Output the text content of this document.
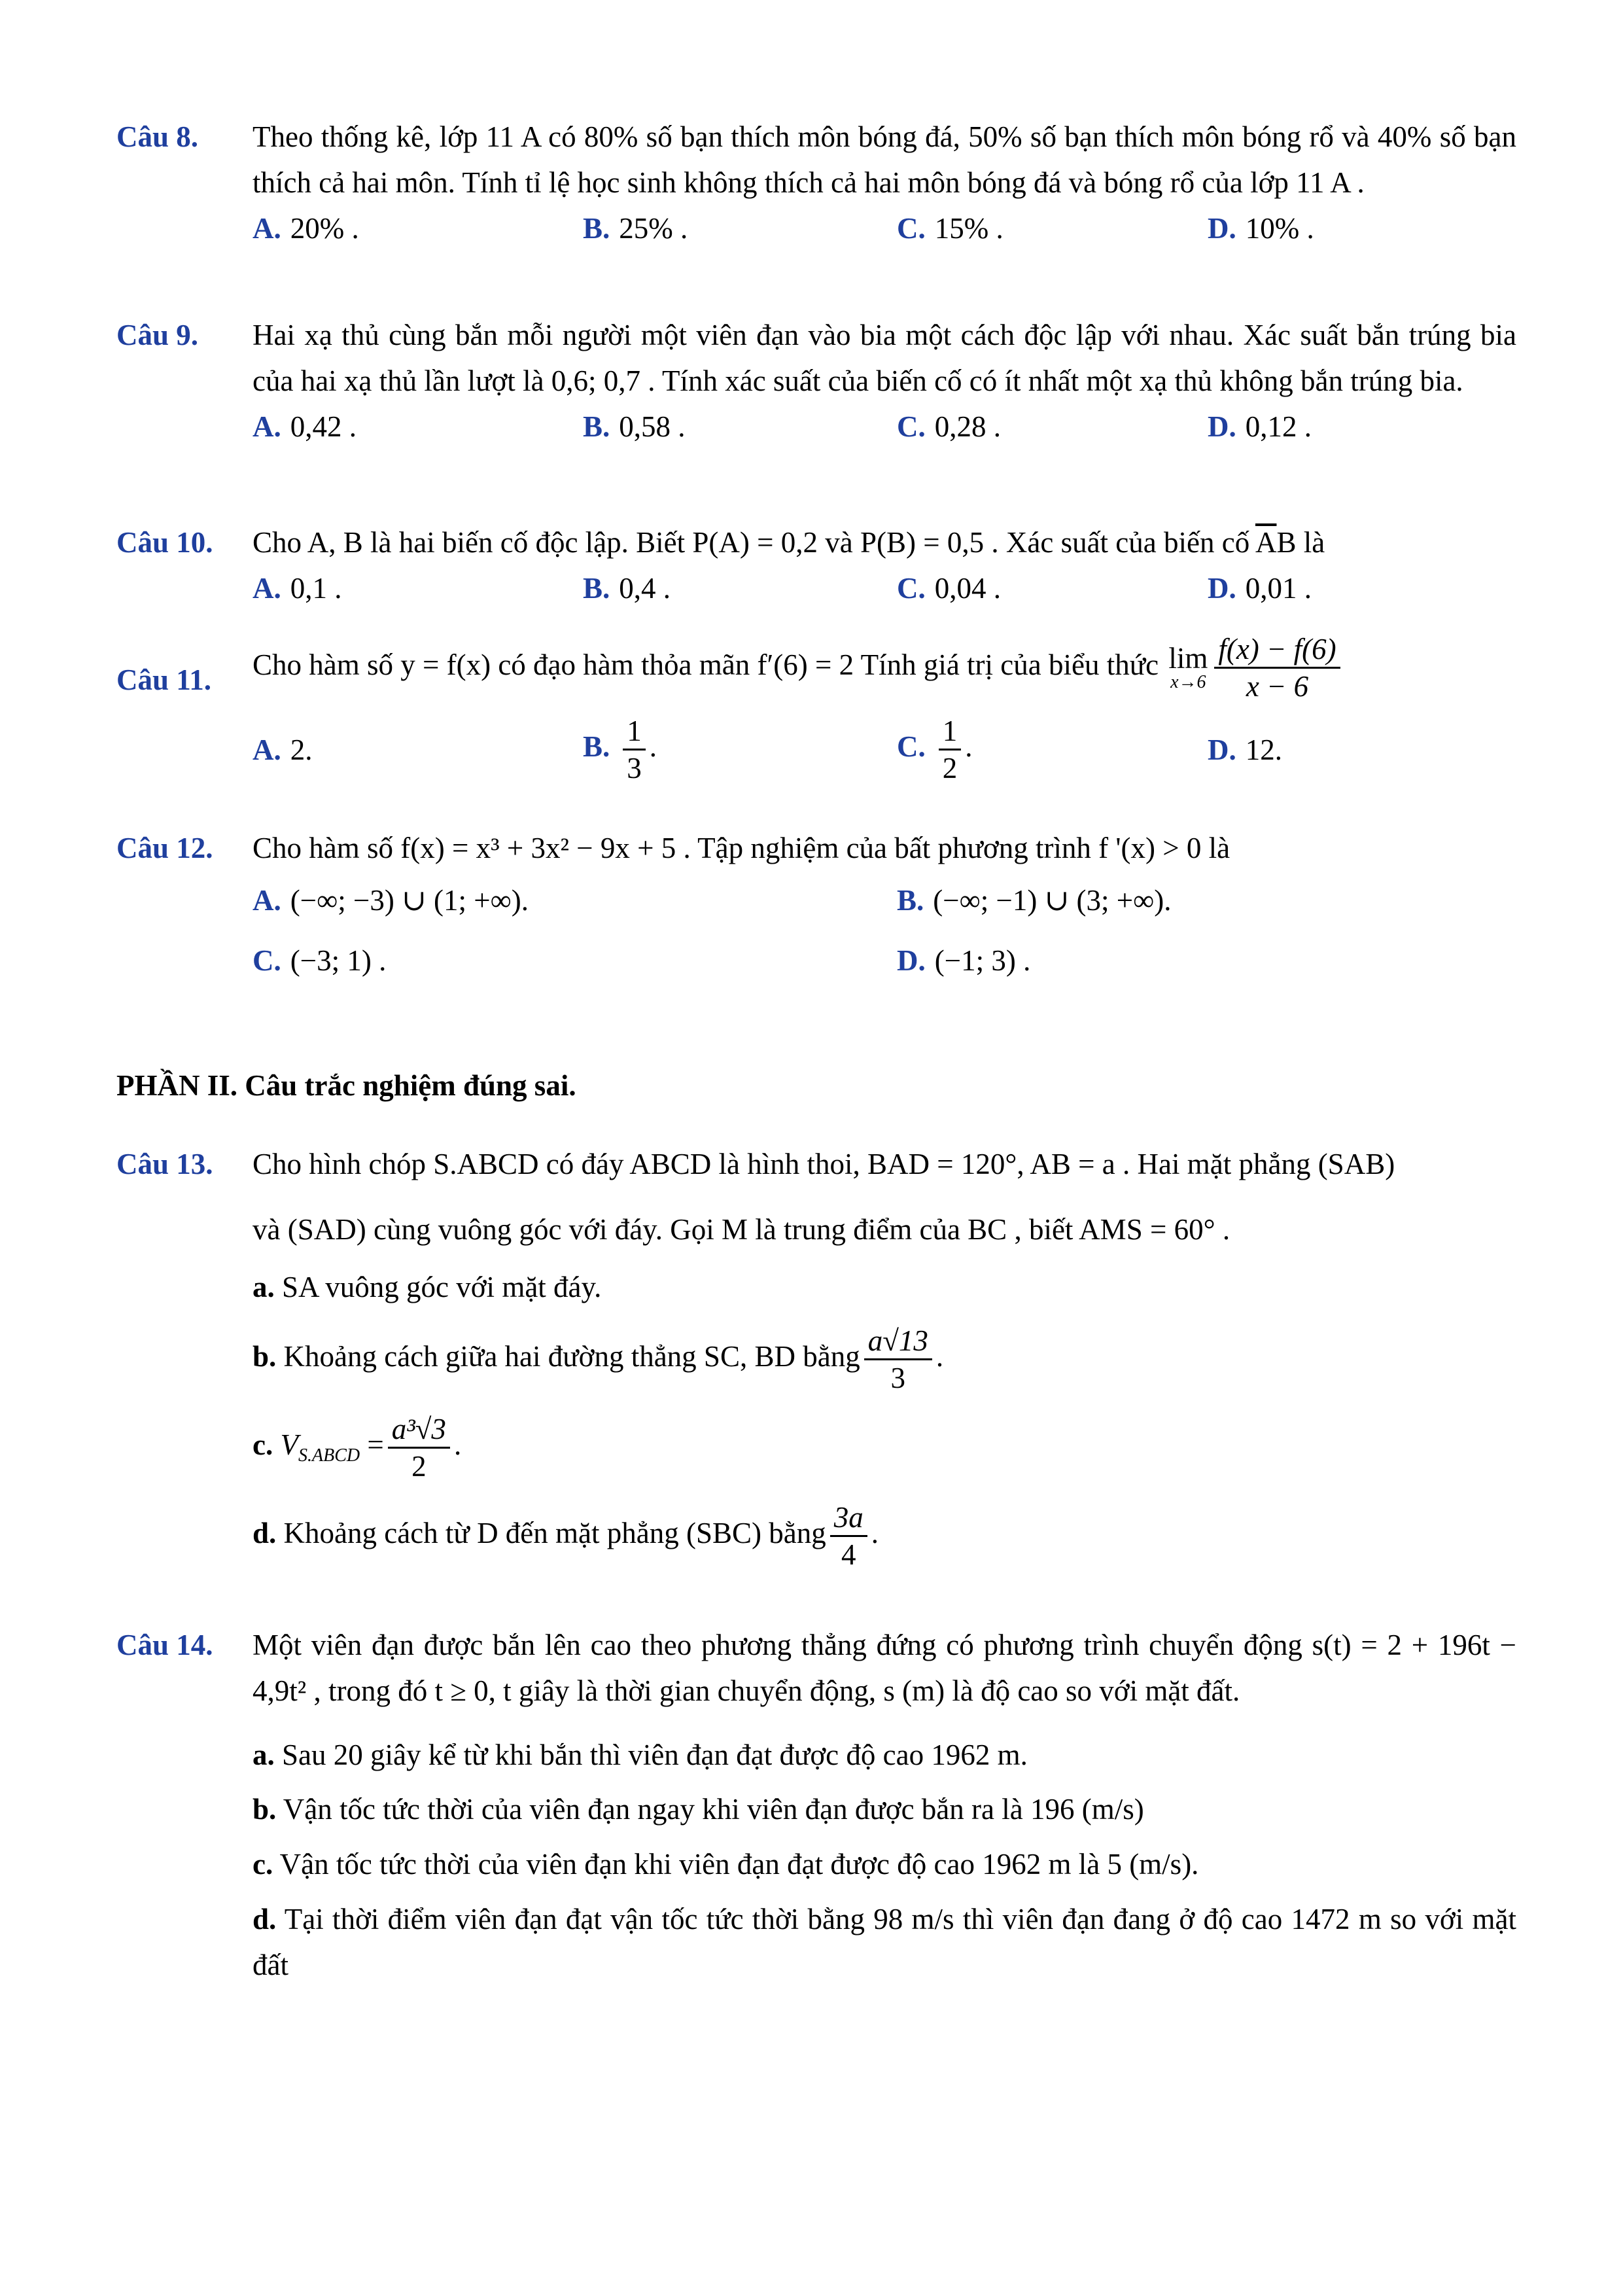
Câu 8. Theo thống kê, lớp 11 A có 80% số bạn thích môn bóng đá, 50% số bạn thích môn bóng rổ và 40% số bạn thích cả hai môn. Tính tỉ lệ học sinh không thích cả hai môn bóng đá và bóng rổ của lớp 11 A .
A. 20% .	B. 25% .	C. 15% .	D. 10% .
Câu 9. Hai xạ thủ cùng bắn mỗi người một viên đạn vào bia một cách độc lập với nhau. Xác suất bắn trúng bia của hai xạ thủ lần lượt là 0,6; 0,7 . Tính xác suất của biến cố có ít nhất một xạ thủ không bắn trúng bia.
A. 0,42 .	B. 0,58 .	C. 0,28 .	D. 0,12 .
Câu 10. Cho A, B là hai biến cố độc lập. Biết P(A) = 0,2 và P(B) = 0,5 . Xác suất của biến cố $\overline{A}B$ là
A. 0,1 .	B. 0,4 .	C. 0,04 .	D. 0,01 .
Câu 11. Cho hàm số y = f(x) có đạo hàm thỏa mãn f′(6) = 2 Tính giá trị của biểu thức lim
$x\to 6 \frac{f(x) - f(6)}{x - 6}$
A. 2.	B. $\frac{1}{3}$ .	C. $\frac{1}{2}$ .	D. 12.
Câu 12. Cho hàm số f(x) = x³ + 3x² − 9x + 5 . Tập nghiệm của bất phương trình f '(x) > 0 là
A. (−∞; −3) ∪ (1; +∞).	B. (−∞; −1) ∪ (3; +∞).
C. (−3; 1) .	D. (−1; 3) .
PHẦN II. Câu trắc nghiệm đúng sai.
Câu 13. Cho hình chóp S.ABCD có đáy ABCD là hình thoi, BAD = 120°, AB = a . Hai mặt phẳng (SAB)
và (SAD) cùng vuông góc với đáy. Gọi M là trung điểm của BC , biết AMS = 60° .
a. SA vuông góc với mặt đáy.
b. Khoảng cách giữa hai đường thẳng SC, BD bằng $\frac{a√13}{3}$ .
c. $V_{S.ABCD} = \frac{\text{a³√3}}{2}$ .
d. Khoảng cách từ D đến mặt phẳng (SBC) bằng $\frac{3a}{4}$ .
Câu 14. Một viên đạn được bắn lên cao theo phương thẳng đứng có phương trình chuyển động s(t) = 2 + 196t − 4,9t² , trong đó t ≥ 0, t giây là thời gian chuyển động, s (m) là độ cao so với mặt đất.
a. Sau 20 giây kể từ khi bắn thì viên đạn đạt được độ cao 1962 m.
b. Vận tốc tức thời của viên đạn ngay khi viên đạn được bắn ra là 196 (m/s)
c. Vận tốc tức thời của viên đạn khi viên đạn đạt được độ cao 1962 m là 5 (m/s).
d. Tại thời điểm viên đạn đạt vận tốc tức thời bằng 98 m/s thì viên đạn đang ở độ cao 1472 m so với mặt đất
